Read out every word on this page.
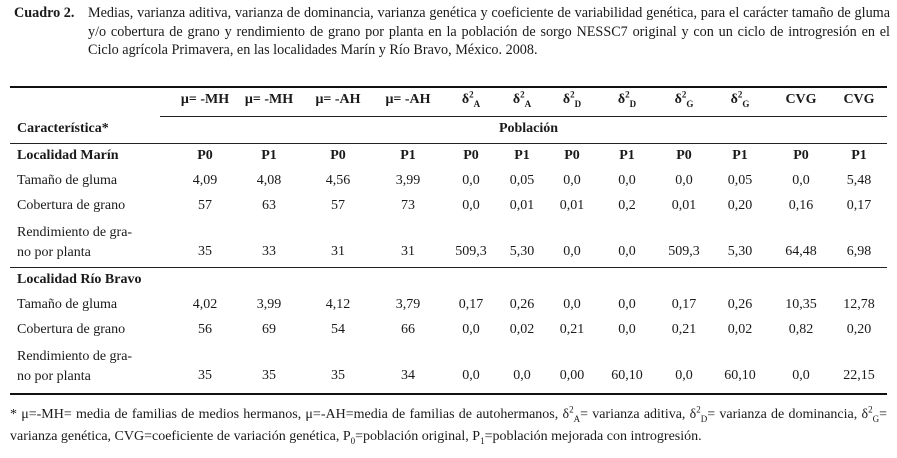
Cuadro 2. Medias, varianza aditiva, varianza de dominancia, varianza genética y coeficiente de variabilidad genética, para el carácter tamaño de gluma y/o cobertura de grano y rendimiento de grano por planta en la población de sorgo NESSC7 original y con un ciclo de introgresión en el Ciclo agrícola Primavera, en las localidades Marín y Río Bravo, México. 2008.
μ= -MH	μ= -MH	μ= -AH	μ= -AH	$\delta^2_A$	$\delta^2_A$	$\delta^2_D$	$\delta^2_D$	$\delta^2_G$	$\delta^2_G$	CVG	CVG
Característica*	Población
Localidad Marín	P0	P1	P0	P1	P0	P1	P0	P1	P0	P1	P0	P1
Tamaño de gluma	4,09	4,08	4,56	3,99	0,0	0,05	0,0	0,0	0,0	0,05	0,0	5,48
Cobertura de grano	57	63	57	73	0,0	0,01	0,01	0,2	0,01	0,20	0,16	0,17
Rendimiento de gra-
no por planta	35	33	31	31	509,3	5,30	0,0	0,0	509,3	5,30	64,48	6,98
Localidad Río Bravo
Tamaño de gluma	4,02	3,99	4,12	3,79	0,17	0,26	0,0	0,0	0,17	0,26	10,35	12,78
Cobertura de grano	56	69	54	66	0,0	0,02	0,21	0,0	0,21	0,02	0,82	0,20
Rendimiento de gra-
no por planta	35	35	35	34	0,0	0,0	0,00	60,10	0,0	60,10	0,0	22,15
* μ=-MH= media de familias de medios hermanos, μ=-AH=media de familias de autohermanos, $\delta^2_A=$ varianza aditiva, $\delta^2_D=$ varianza de dominancia, $\delta^2_G=$ varianza genética, CVG=coeficiente de variación genética, $P_0=población$ original, $P_1=población$ mejorada con introgresión.
